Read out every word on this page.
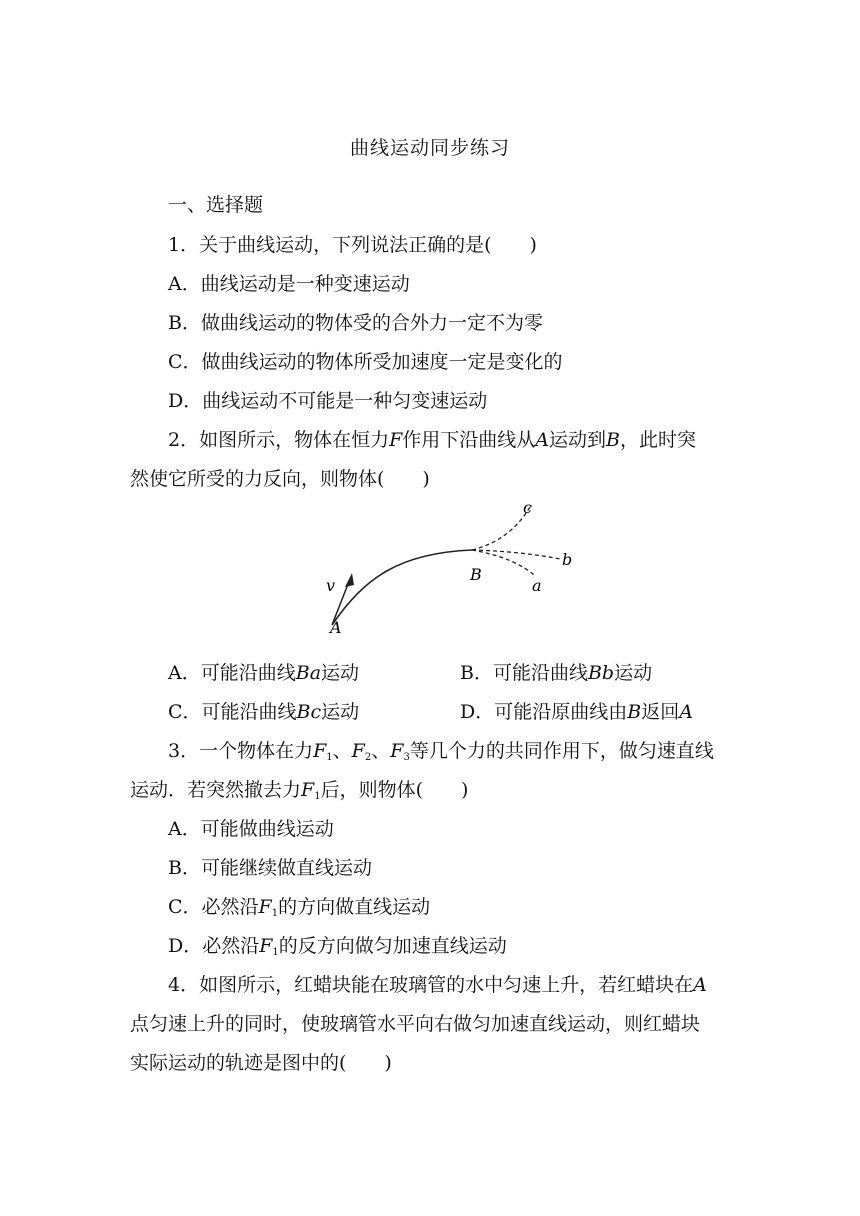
曲线运动同步练习
一、选择题
1．关于曲线运动，下列说法正确的是(　　)
A．曲线运动是一种变速运动
B．做曲线运动的物体受的合外力一定不为零
C．做曲线运动的物体所受加速度一定是变化的
D．曲线运动不可能是一种匀变速运动
2．如图所示，物体在恒力F作用下沿曲线从A运动到B，此时突
然使它所受的力反向，则物体(　　)
v
A
B
a
b
c
A．可能沿曲线Ba运动	B．可能沿曲线Bb运动
C．可能沿曲线Bc运动	D．可能沿原曲线由B返回A
3．一个物体在力$F_1$、$F_2$、$F_3$等几个力的共同作用下，做匀速直线
运动．若突然撤去力$F_1$后，则物体(　　)
A．可能做曲线运动
B．可能继续做直线运动
C．必然沿$F_1$的方向做直线运动
D．必然沿$F_1$的反方向做匀加速直线运动
4．如图所示，红蜡块能在玻璃管的水中匀速上升，若红蜡块在A
点匀速上升的同时，使玻璃管水平向右做匀加速直线运动，则红蜡块
实际运动的轨迹是图中的(　　)
